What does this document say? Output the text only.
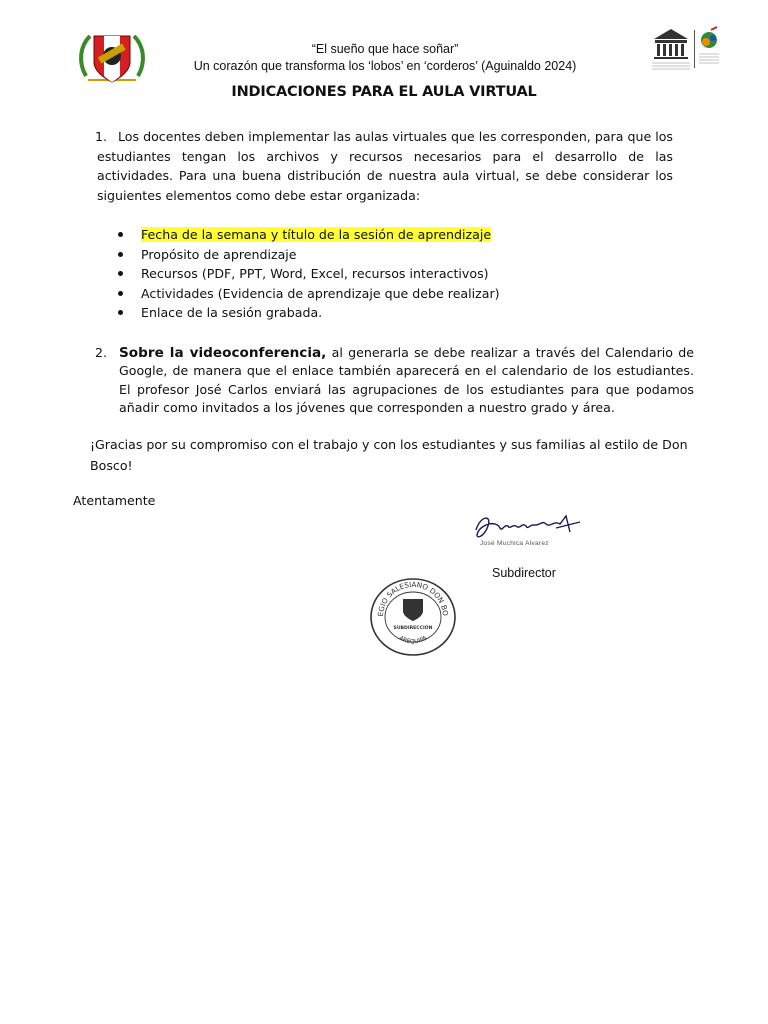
“El sueño que hace soñar”
Un corazón que transforma los ‘lobos’ en ‘corderos’ (Aguinaldo 2024)
INDICACIONES PARA EL AULA VIRTUAL
1. Los docentes deben implementar las aulas virtuales que les corresponden, para que los estudiantes tengan los archivos y recursos necesarios para el desarrollo de las actividades. Para una buena distribución de nuestra aula virtual, se debe considerar los siguientes elementos como debe estar organizada:
Fecha de la semana y título de la sesión de aprendizaje
Propósito de aprendizaje
Recursos (PDF, PPT, Word, Excel, recursos interactivos)
Actividades (Evidencia de aprendizaje que debe realizar)
Enlace de la sesión grabada.
2. Sobre la videoconferencia, al generarla se debe realizar a través del Calendario de Google, de manera que el enlace también aparecerá en el calendario de los estudiantes. El profesor José Carlos enviará las agrupaciones de los estudiantes para que podamos añadir como invitados a los jóvenes que corresponden a nuestro grado y área.
¡Gracias por su compromiso con el trabajo y con los estudiantes y sus familias al estilo de Don Bosco!
Atentamente
José Muchica Alvarez
Subdirector
EGIO SALESIANO DON BO
AREQUIPA
SUBDIRECCIÓN
